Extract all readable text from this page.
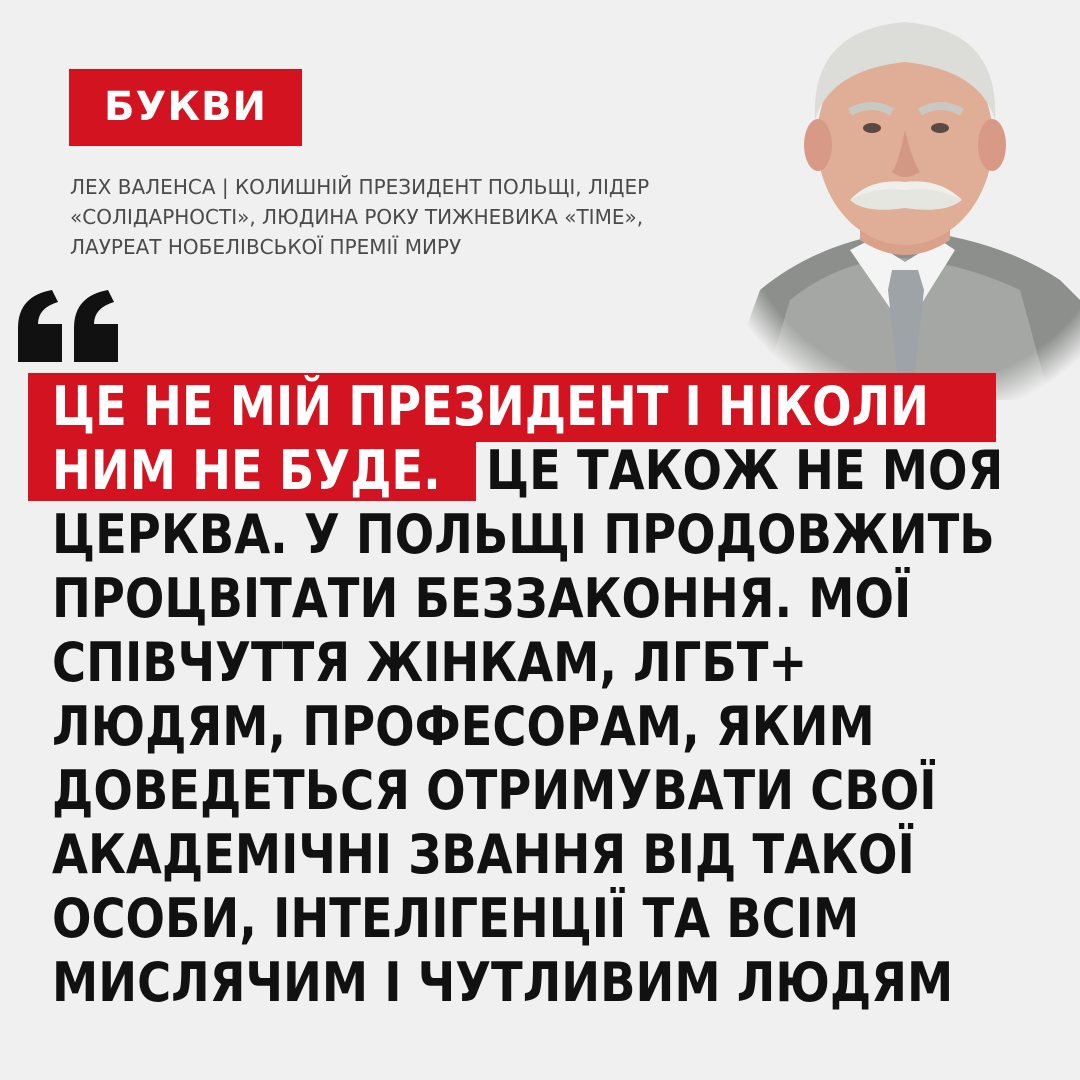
БУКВИ
ЛЕХ ВАЛЕНСА | КОЛИШНІЙ ПРЕЗИДЕНТ ПОЛЬЩІ, ЛІДЕР
«СОЛІДАРНОСТІ», ЛЮДИНА РОКУ ТИЖНЕВИКА «TIME»,
ЛАУРЕАТ НОБЕЛІВСЬКОЇ ПРЕМІЇ МИРУ
ЦЕ НЕ МІЙ ПРЕЗИДЕНТ І НІКОЛИ
НИМ НЕ БУДЕ. ЦЕ ТАКОЖ НЕ МОЯ
ЦЕРКВА. У ПОЛЬЩІ ПРОДОВЖИТЬ
ПРОЦВІТАТИ БЕЗЗАКОННЯ. МОЇ
СПІВЧУТТЯ ЖІНКАМ, ЛГБТ+
ЛЮДЯМ, ПРОФЕСОРАМ, ЯКИМ
ДОВЕДЕТЬСЯ ОТРИМУВАТИ СВОЇ
АКАДЕМІЧНІ ЗВАННЯ ВІД ТАКОЇ
ОСОБИ, ІНТЕЛІГЕНЦІЇ ТА ВСІМ
МИСЛЯЧИМ І ЧУТЛИВИМ ЛЮДЯМ
